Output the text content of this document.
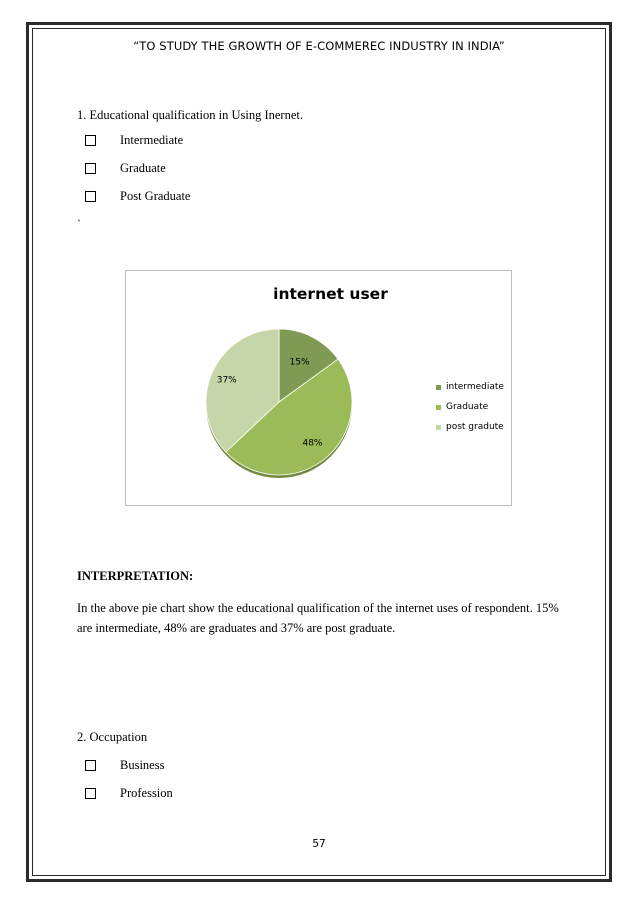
“TO STUDY THE GROWTH OF E-COMMEREC INDUSTRY IN INDIA”
1. Educational qualification in Using Inernet.
Intermediate
Graduate
Post Graduate
`
internet user
15%
48%
37%
intermediate
Graduate
post gradute
INTERPRETATION:
In the above pie chart show the educational qualification of the internet uses of respondent. 15% are intermediate, 48% are graduates and 37% are post graduate.
2. Occupation
Business
Profession
57
